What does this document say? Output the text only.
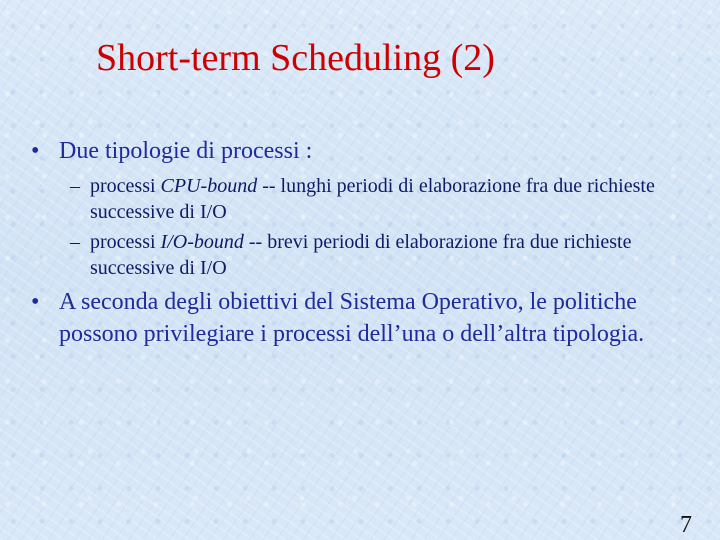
Short-term Scheduling (2)
• Due tipologie di processi :
– processi CPU-bound -- lunghi periodi di elaborazione fra due richieste successive di I/O
– processi I/O-bound -- brevi periodi di elaborazione fra due richieste successive di I/O
• A seconda degli obiettivi del Sistema Operativo, le politiche possono privilegiare i processi dell’una o dell’altra tipologia.
7
